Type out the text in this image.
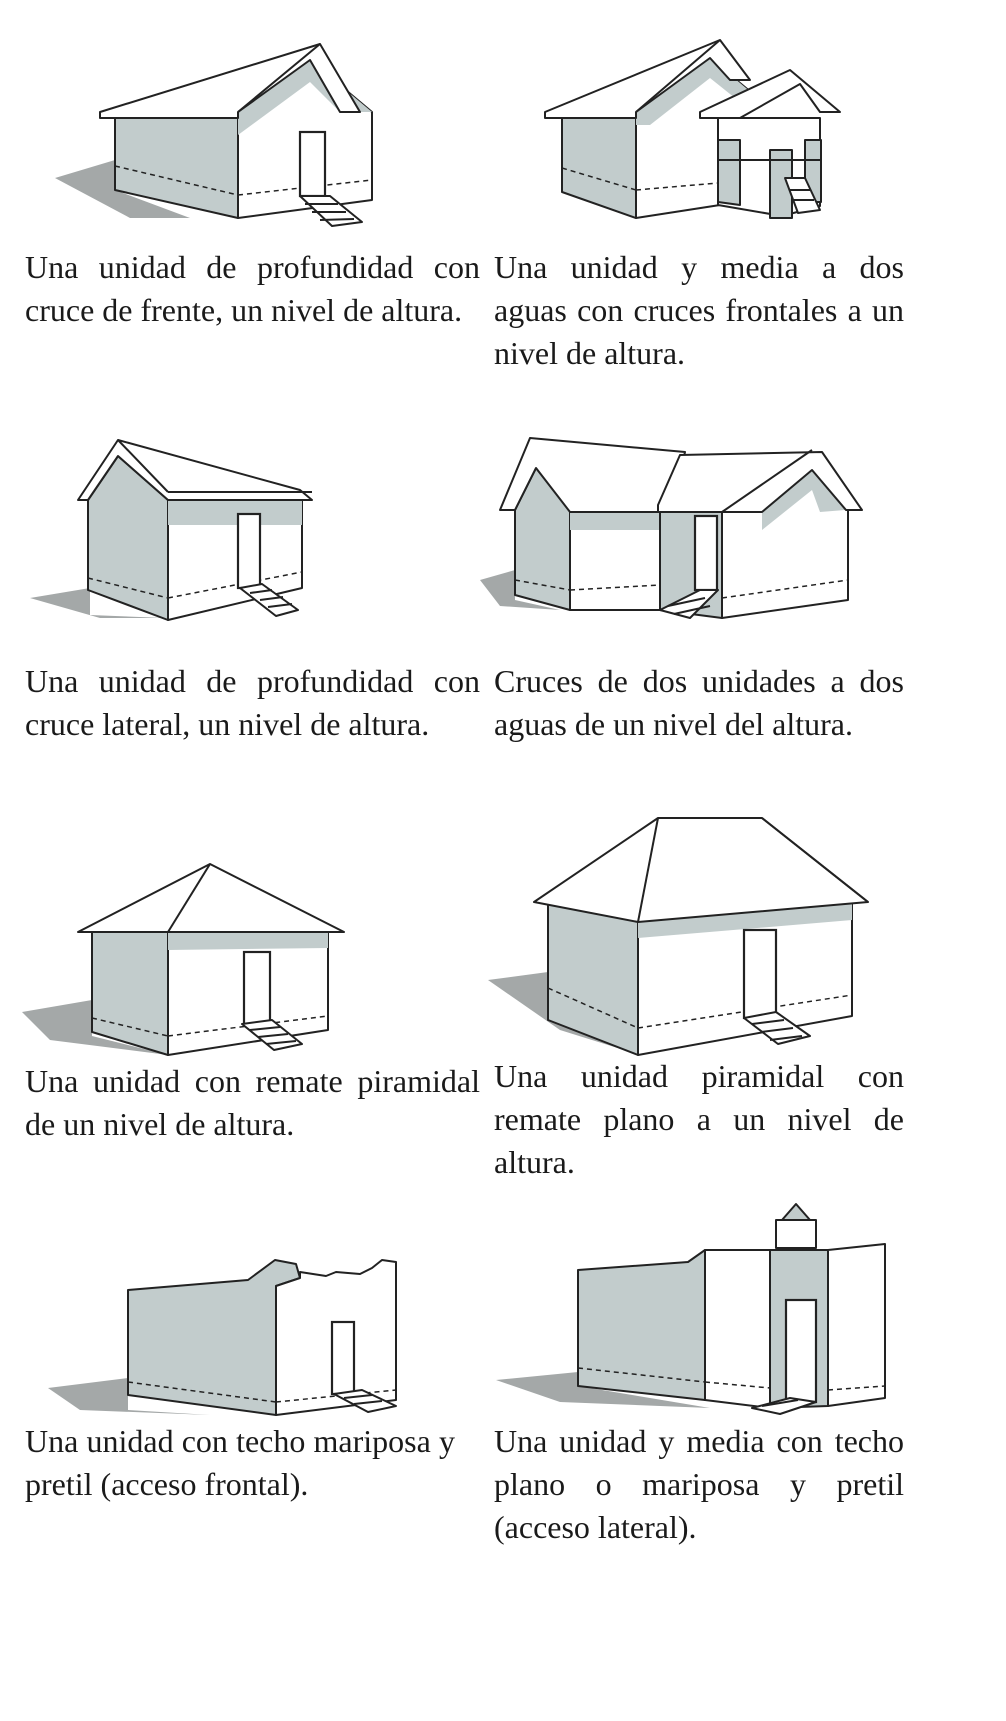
Una unidad de profundidad con cruce de frente, un nivel de altura.

Una unidad y media a dos aguas con cruces frontales a un nivel de altura.

Una unidad de profundidad con cruce lateral, un nivel de altura.

Cruces de dos unidades a dos aguas de un nivel del altura.

Una unidad con remate piramidal de un nivel de altura.

Una unidad piramidal con remate plano a un nivel de altura.

Una unidad con techo mariposa y pretil (acceso frontal).

Una unidad y media con techo plano o mariposa y pretil (acceso lateral).
